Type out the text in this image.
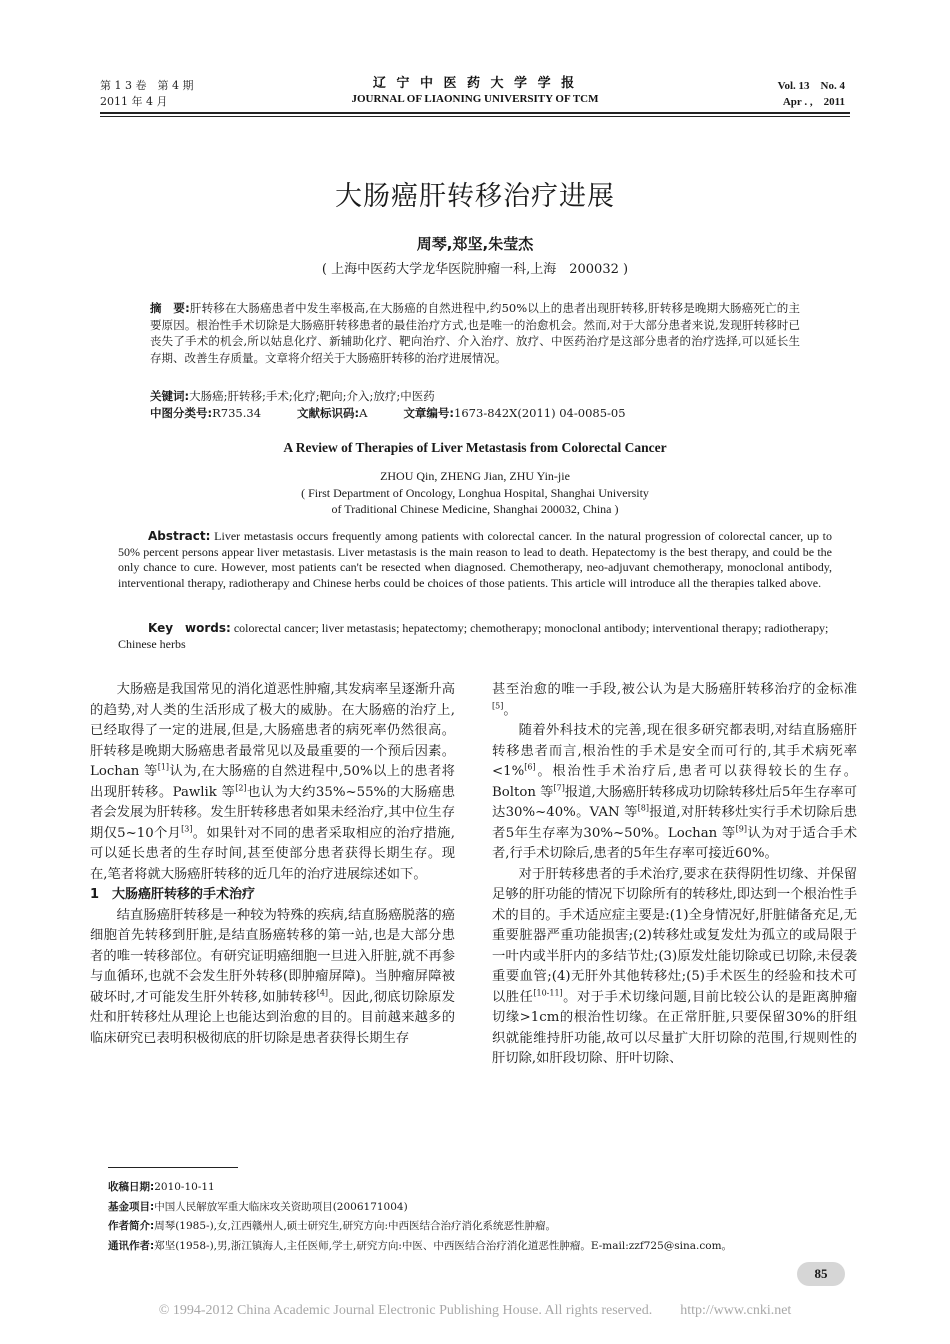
第 1 3 卷　第 4 期
2011 年 4 月
辽 宁 中 医 药 大 学 学 报
JOURNAL OF LIAONING UNIVERSITY OF TCM
Vol. 13　No. 4
Apr . ,　2011
大肠癌肝转移治疗进展
周琴,郑坚,朱莹杰
( 上海中医药大学龙华医院肿瘤一科,上海　200032 )
摘　要:肝转移在大肠癌患者中发生率极高,在大肠癌的自然进程中,约50%以上的患者出现肝转移,肝转移是晚期大肠癌死亡的主要原因。根治性手术切除是大肠癌肝转移患者的最佳治疗方式,也是唯一的治愈机会。然而,对于大部分患者来说,发现肝转移时已丧失了手术的机会,所以姑息化疗、新辅助化疗、靶向治疗、介入治疗、放疗、中医药治疗是这部分患者的治疗选择,可以延长生存期、改善生存质量。文章将介绍关于大肠癌肝转移的治疗进展情况。
关键词:大肠癌;肝转移;手术;化疗;靶向;介入;放疗;中医药
中图分类号:R735.34	文献标识码:A	文章编号:1673-842X(2011) 04-0085-05
A Review of Therapies of Liver Metastasis from Colorectal Cancer
ZHOU Qin, ZHENG Jian, ZHU Yin-jie
( First Department of Oncology, Longhua Hospital, Shanghai University
of Traditional Chinese Medicine, Shanghai 200032, China )
Abstract: Liver metastasis occurs frequently among patients with colorectal cancer. In the natural progression of colorectal cancer, up to 50% percent persons appear liver metastasis. Liver metastasis is the main reason to lead to death. Hepatectomy is the best therapy, and could be the only chance to cure. However, most patients can't be resected when diagnosed. Chemotherapy, neo-adjuvant chemotherapy, monoclonal antibody, interventional therapy, radiotherapy and Chinese herbs could be choices of those patients. This article will introduce all the therapies talked above.
Key　words: colorectal cancer; liver metastasis; hepatectomy; chemotherapy; monoclonal antibody; interventional therapy; radiotherapy; Chinese herbs

大肠癌是我国常见的消化道恶性肿瘤,其发病率呈逐渐升高的趋势,对人类的生活形成了极大的威胁。在大肠癌的治疗上,已经取得了一定的进展,但是,大肠癌患者的病死率仍然很高。肝转移是晚期大肠癌患者最常见以及最重要的一个预后因素。Lochan 等[1]认为,在大肠癌的自然进程中,50%以上的患者将出现肝转移。Pawlik 等[2]也认为大约35%~55%的大肠癌患者会发展为肝转移。发生肝转移患者如果未经治疗,其中位生存期仅5~10个月[3]。如果针对不同的患者采取相应的治疗措施,可以延长患者的生存时间,甚至使部分患者获得长期生存。现在,笔者将就大肠癌肝转移的近几年的治疗进展综述如下。

1　大肠癌肝转移的手术治疗

结直肠癌肝转移是一种较为特殊的疾病,结直肠癌脱落的癌细胞首先转移到肝脏,是结直肠癌转移的第一站,也是大部分患者的唯一转移部位。有研究证明癌细胞一旦进入肝脏,就不再参与血循环,也就不会发生肝外转移(即肿瘤屏障)。当肿瘤屏障被破坏时,才可能发生肝外转移,如肺转移[4]。因此,彻底切除原发灶和肝转移灶从理论上也能达到治愈的目的。目前越来越多的临床研究已表明积极彻底的肝切除是患者获得长期生存

甚至治愈的唯一手段,被公认为是大肠癌肝转移治疗的金标准[5]。

随着外科技术的完善,现在很多研究都表明,对结直肠癌肝转移患者而言,根治性的手术是安全而可行的,其手术病死率<1%[6]。根治性手术治疗后,患者可以获得较长的生存。Bolton 等[7]报道,大肠癌肝转移成功切除转移灶后5年生存率可达30%~40%。VAN 等[8]报道,对肝转移灶实行手术切除后患者5年生存率为30%~50%。Lochan 等[9]认为对于适合手术者,行手术切除后,患者的5年生存率可接近60%。

对于肝转移患者的手术治疗,要求在获得阴性切缘、并保留足够的肝功能的情况下切除所有的转移灶,即达到一个根治性手术的目的。手术适应症主要是:(1)全身情况好,肝脏储备充足,无重要脏器严重功能损害;(2)转移灶或复发灶为孤立的或局限于一叶内或半肝内的多结节灶;(3)原发灶能切除或已切除,未侵袭重要血管;(4)无肝外其他转移灶;(5)手术医生的经验和技术可以胜任[10-11]。对于手术切缘问题,目前比较公认的是距离肿瘤切缘>1cm的根治性切缘。在正常肝脏,只要保留30%的肝组织就能维持肝功能,故可以尽量扩大肝切除的范围,行规则性的肝切除,如肝段切除、肝叶切除、

收稿日期:2010-10-11
基金项目:中国人民解放军重大临床攻关资助项目(2006171004)
作者简介:周琴(1985-),女,江西赣州人,硕士研究生,研究方向:中西医结合治疗消化系统恶性肿瘤。
通讯作者:郑坚(1958-),男,浙江镇海人,主任医师,学士,研究方向:中医、中西医结合治疗消化道恶性肿瘤。E-mail:zzf725@sina.com。
85
© 1994-2012 China Academic Journal Electronic Publishing House. All rights reserved.　　http://www.cnki.net
